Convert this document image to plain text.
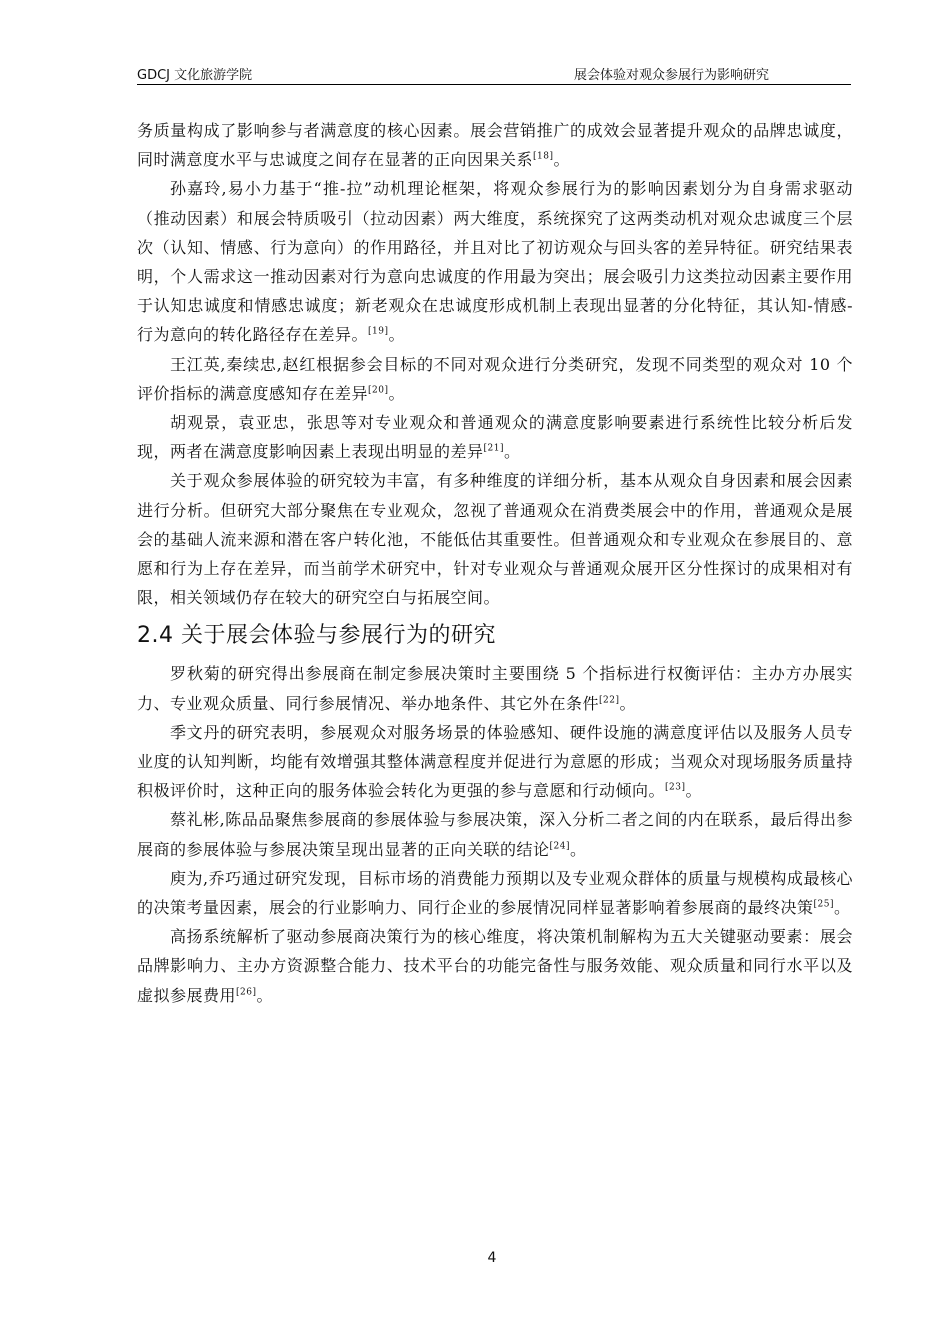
GDCJ 文化旅游学院	展会体验对观众参展行为影响研究

务质量构成了影响参与者满意度的核心因素。展会营销推广的成效会显著提升观众的品牌忠诚度，同时满意度水平与忠诚度之间存在显著的正向因果关系[18]。

孙嘉玲,易小力基于“推-拉”动机理论框架，将观众参展行为的影响因素划分为自身需求驱动（推动因素）和展会特质吸引（拉动因素）两大维度，系统探究了这两类动机对观众忠诚度三个层次（认知、情感、行为意向）的作用路径，并且对比了初访观众与回头客的差异特征。研究结果表明，个人需求这一推动因素对行为意向忠诚度的作用最为突出；展会吸引力这类拉动因素主要作用于认知忠诚度和情感忠诚度；新老观众在忠诚度形成机制上表现出显著的分化特征，其认知-情感-行为意向的转化路径存在差异。[19]。

王江英,秦续忠,赵红根据参会目标的不同对观众进行分类研究，发现不同类型的观众对 10 个评价指标的满意度感知存在差异[20]。

胡观景，袁亚忠，张思等对专业观众和普通观众的满意度影响要素进行系统性比较分析后发现，两者在满意度影响因素上表现出明显的差异[21]。

关于观众参展体验的研究较为丰富，有多种维度的详细分析，基本从观众自身因素和展会因素进行分析。但研究大部分聚焦在专业观众，忽视了普通观众在消费类展会中的作用，普通观众是展会的基础人流来源和潜在客户转化池，不能低估其重要性。但普通观众和专业观众在参展目的、意愿和行为上存在差异，而当前学术研究中，针对专业观众与普通观众展开区分性探讨的成果相对有限，相关领域仍存在较大的研究空白与拓展空间。

2.4 关于展会体验与参展行为的研究

罗秋菊的研究得出参展商在制定参展决策时主要围绕 5 个指标进行权衡评估：主办方办展实力、专业观众质量、同行参展情况、举办地条件、其它外在条件[22]。

季文丹的研究表明，参展观众对服务场景的体验感知、硬件设施的满意度评估以及服务人员专业度的认知判断，均能有效增强其整体满意程度并促进行为意愿的形成；当观众对现场服务质量持积极评价时，这种正向的服务体验会转化为更强的参与意愿和行动倾向。[23]。

蔡礼彬,陈品品聚焦参展商的参展体验与参展决策，深入分析二者之间的内在联系，最后得出参展商的参展体验与参展决策呈现出显著的正向关联的结论[24]。

庾为,乔巧通过研究发现，目标市场的消费能力预期以及专业观众群体的质量与规模构成最核心的决策考量因素，展会的行业影响力、同行企业的参展情况同样显著影响着参展商的最终决策[25]。

高扬系统解析了驱动参展商决策行为的核心维度，将决策机制解构为五大关键驱动要素：展会品牌影响力、主办方资源整合能力、技术平台的功能完备性与服务效能、观众质量和同行水平以及虚拟参展费用[26]。

4
